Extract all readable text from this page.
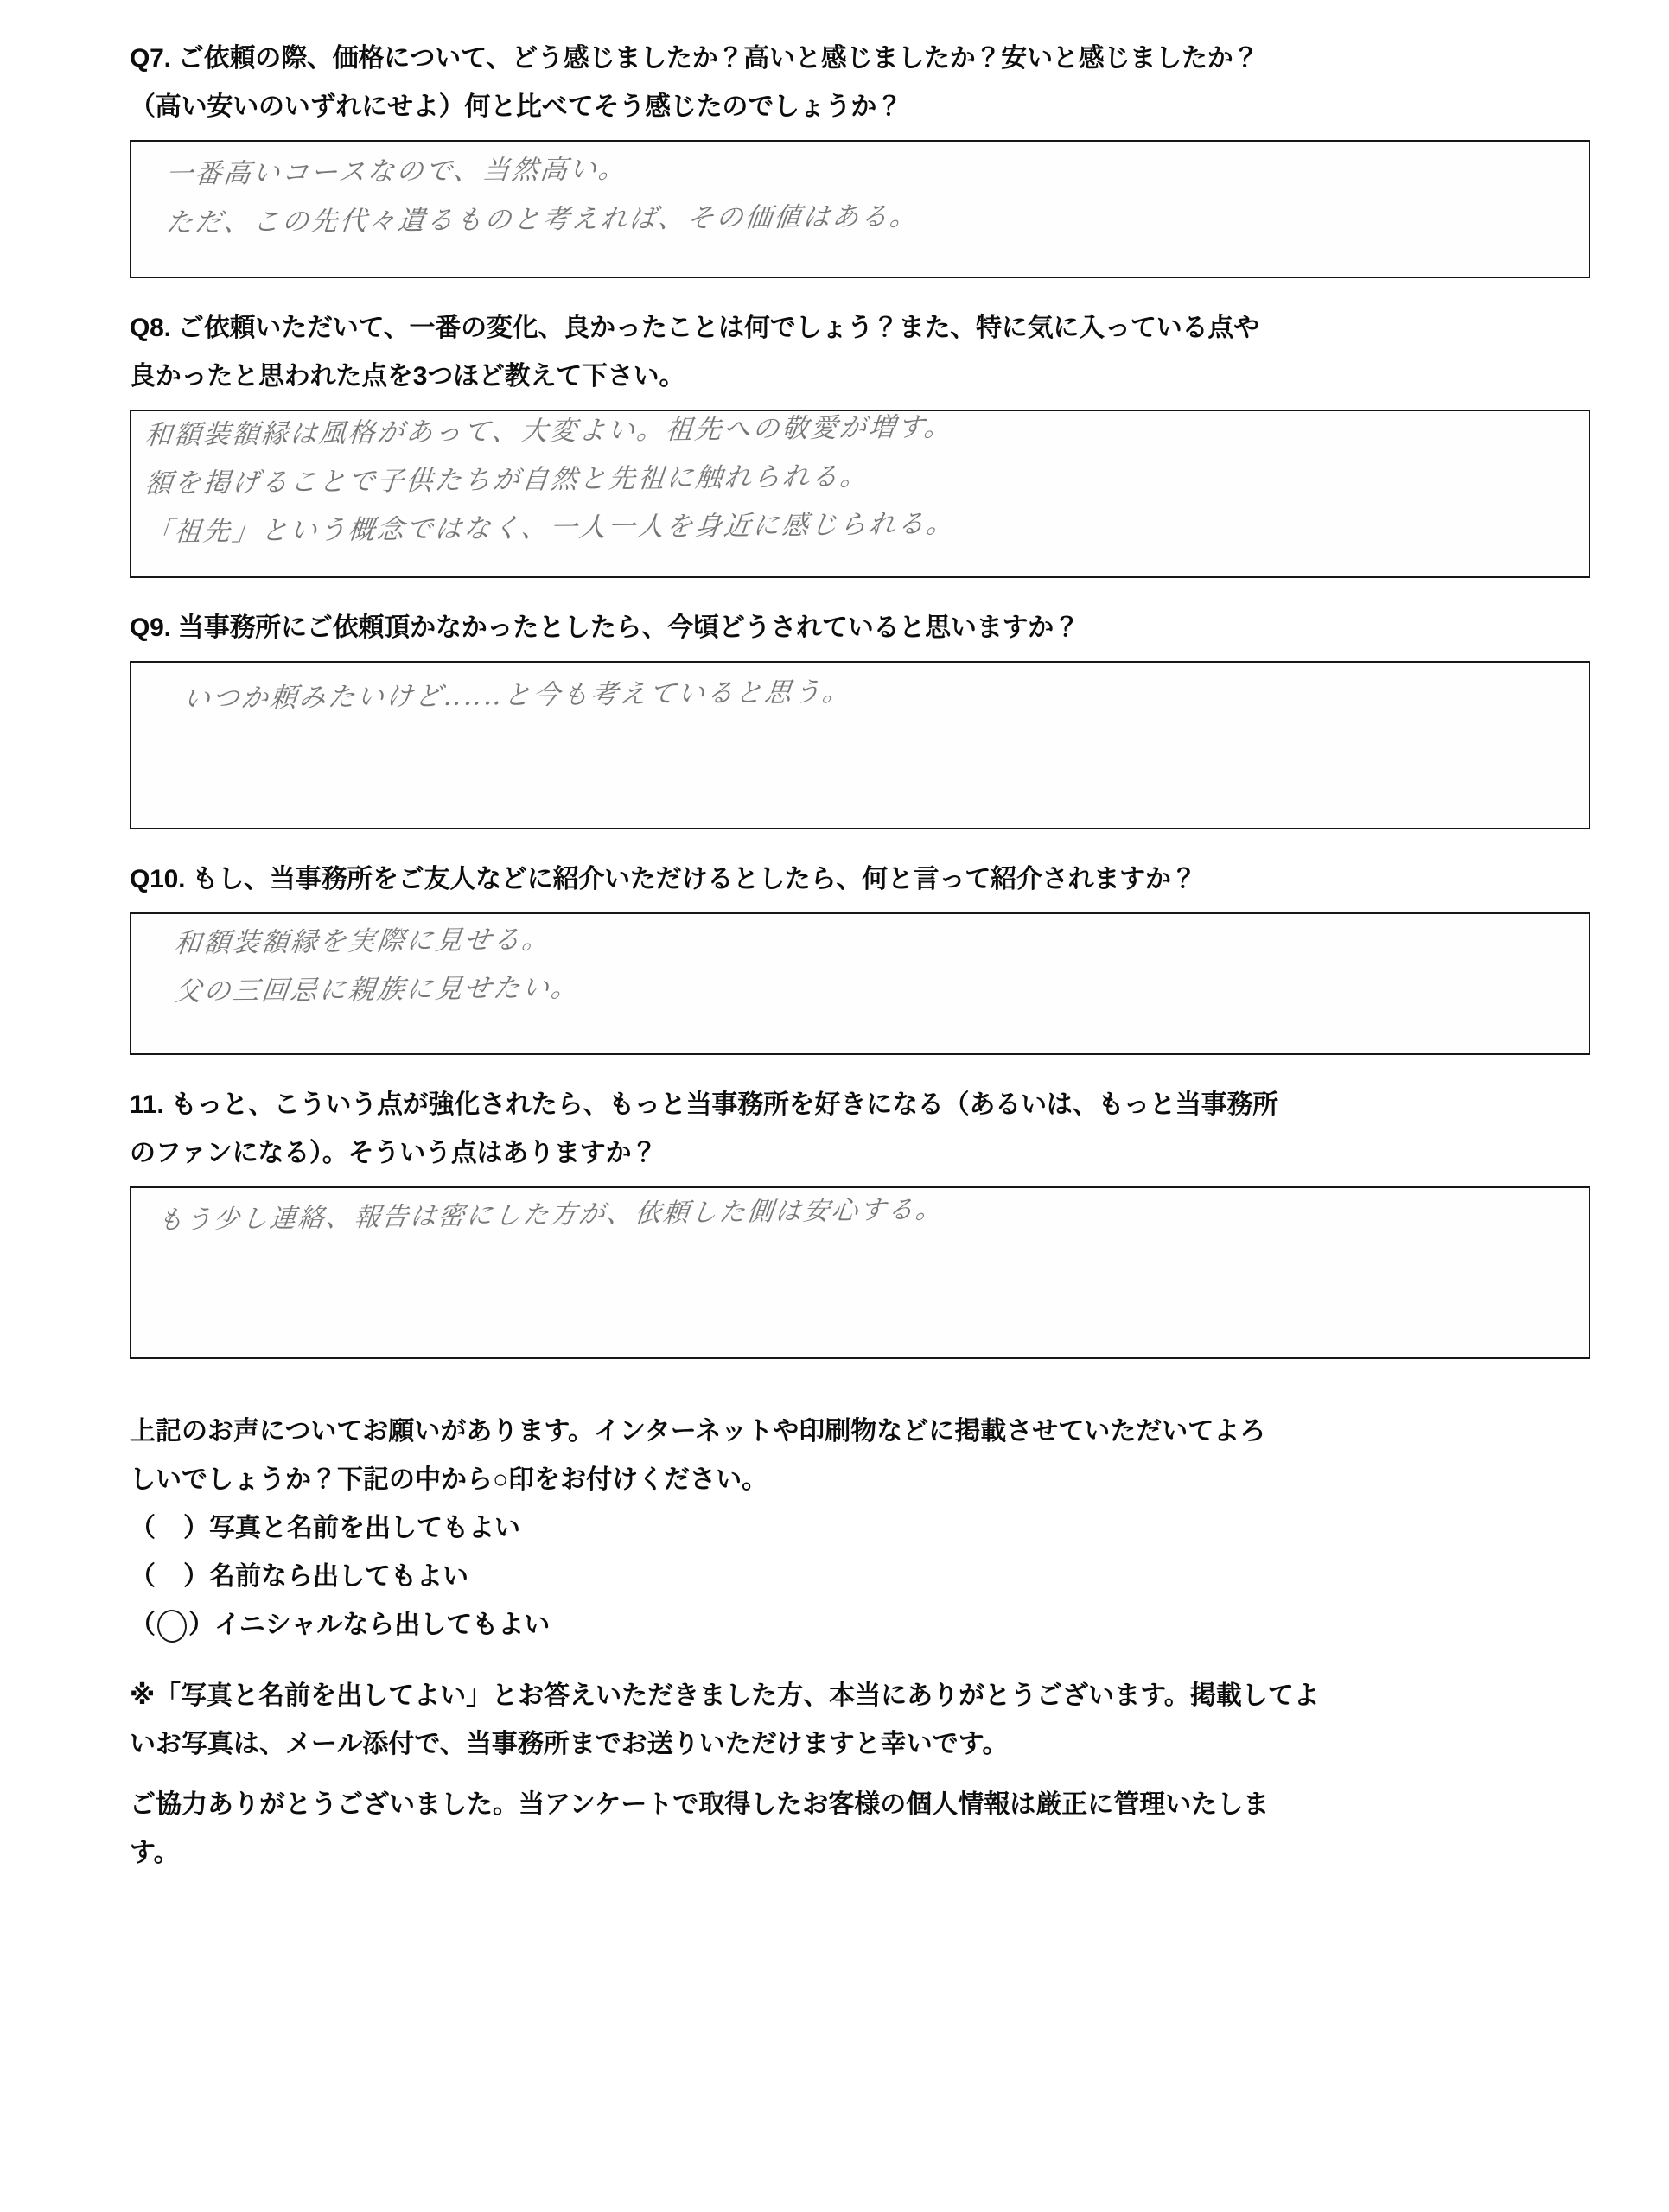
Q7. ご依頼の際、価格について、どう感じましたか？高いと感じましたか？安いと感じましたか？
（高い安いのいずれにせよ）何と比べてそう感じたのでしょうか？
一番高いコースなので、当然高い。
ただ、この先代々遺るものと考えれば、その価値はある。
Q8. ご依頼いただいて、一番の変化、良かったことは何でしょう？また、特に気に入っている点や
良かったと思われた点を3つほど教えて下さい。
和額装額縁は風格があって、大変よい。祖先への敬愛が増す。
額を掲げることで子供たちが自然と先祖に触れられる。
「祖先」という概念ではなく、一人一人を身近に感じられる。
Q9. 当事務所にご依頼頂かなかったとしたら、今頃どうされていると思いますか？
いつか頼みたいけど‥‥‥と今も考えていると思う。
Q10. もし、当事務所をご友人などに紹介いただけるとしたら、何と言って紹介されますか？
和額装額縁を実際に見せる。
父の三回忌に親族に見せたい。
11. もっと、こういう点が強化されたら、もっと当事務所を好きになる（あるいは、もっと当事務所
のファンになる）。そういう点はありますか？
もう少し連絡、報告は密にした方が、依頼した側は安心する。
上記のお声についてお願いがあります。インターネットや印刷物などに掲載させていただいてよろ
しいでしょうか？下記の中から○印をお付けください。
（ ） 写真と名前を出してもよい
（ ） 名前なら出してもよい
（ ） イニシャルなら出してもよい
※「写真と名前を出してよい」とお答えいただきました方、本当にありがとうございます。掲載してよ
いお写真は、メール添付で、当事務所までお送りいただけますと幸いです。
ご協力ありがとうございました。当アンケートで取得したお客様の個人情報は厳正に管理いたしま
す。
